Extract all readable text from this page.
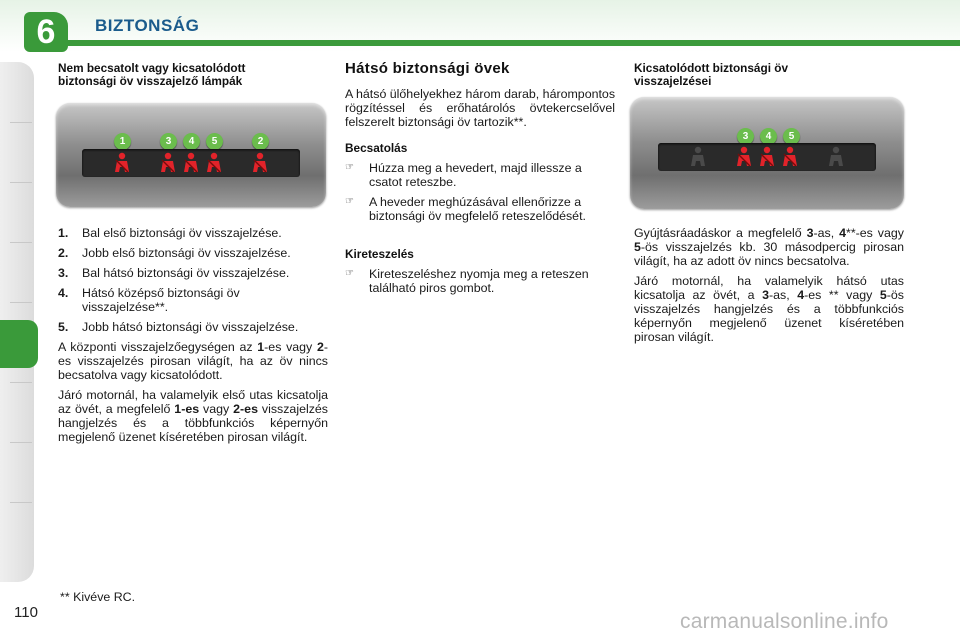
6	BIZTONSÁG
Nem becsatolt vagy kicsatolódott
biztonsági öv visszajelző lámpák
1	3	4	5	2
1. Bal első biztonsági öv visszajelzése.
2. Jobb első biztonsági öv visszajelzése.
3. Bal hátsó biztonsági öv visszajelzése.
4. Hátsó középső biztonsági öv visszajelzése**.
5. Jobb hátsó biztonsági öv visszajelzése.

A központi visszajelzőegységen az 1-es vagy 2-es visszajelzés pirosan világít, ha az öv nincs becsatolva vagy kicsatolódott.

Járó motornál, ha valamelyik első utas kicsatolja az övét, a megfelelő 1-es vagy 2-es visszajelzés hangjelzés és a többfunkciós képernyőn megjelenő üzenet kíséretében pirosan világít.

Hátsó biztonsági övek

A hátsó ülőhelyekhez három darab, hárompontos rögzítéssel és erőhatárolós övtekercselővel felszerelt biztonsági öv tartozik**.

Becsatolás
☞ Húzza meg a hevedert, majd illessze a csatot reteszbe.
☞ A heveder meghúzásával ellenőrizze a biztonsági öv megfelelő reteszelődését.
Kireteszelés
☞ Kireteszeléshez nyomja meg a reteszen található piros gombot.
Kicsatolódott biztonsági öv
visszajelzései
3	4	5

Gyújtásráadáskor a megfelelő 3-as, 4**-es vagy 5-ös visszajelzés kb. 30 másodpercig pirosan világít, ha az adott öv nincs becsatolva.

Járó motornál, ha valamelyik hátsó utas kicsatolja az övét, a 3-as, 4-es ** vagy 5-ös visszajelzés hangjelzés és a többfunkciós képernyőn megjelenő üzenet kíséretében pirosan világít.

** Kivéve RC.
110	carmanualsonline.info
